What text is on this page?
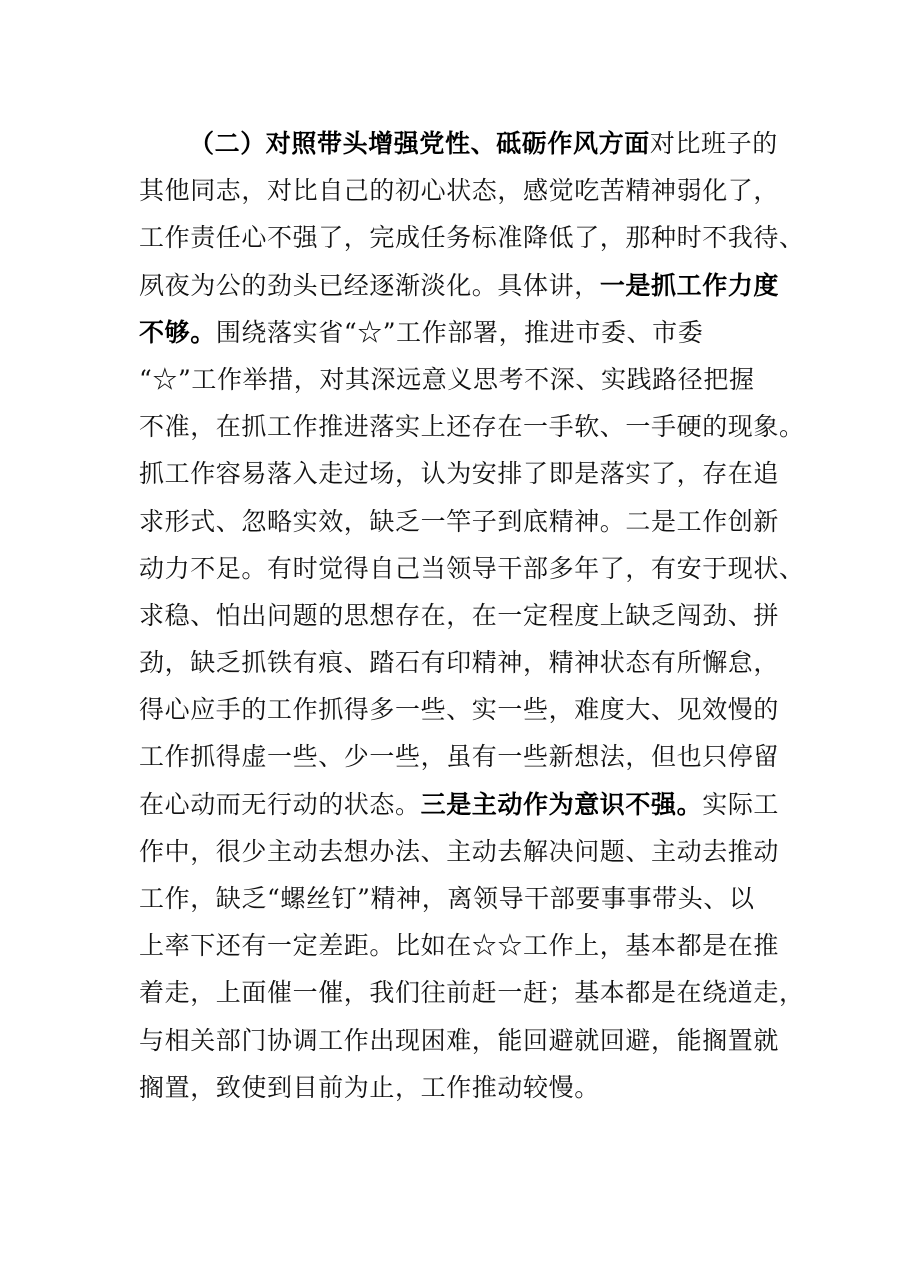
（二）对照带头增强党性、砥砺作风方面对比班子的
其他同志，对比自己的初心状态，感觉吃苦精神弱化了，
工作责任心不强了，完成任务标准降低了，那种时不我待、
夙夜为公的劲头已经逐渐淡化。具体讲，一是抓工作力度
不够。围绕落实省“☆”工作部署，推进市委、市委
“☆”工作举措，对其深远意义思考不深、实践路径把握
不准，在抓工作推进落实上还存在一手软、一手硬的现象。
抓工作容易落入走过场，认为安排了即是落实了，存在追
求形式、忽略实效，缺乏一竿子到底精神。二是工作创新
动力不足。有时觉得自己当领导干部多年了，有安于现状、
求稳、怕出问题的思想存在，在一定程度上缺乏闯劲、拼
劲，缺乏抓铁有痕、踏石有印精神，精神状态有所懈怠，
得心应手的工作抓得多一些、实一些，难度大、见效慢的
工作抓得虚一些、少一些，虽有一些新想法，但也只停留
在心动而无行动的状态。三是主动作为意识不强。实际工
作中，很少主动去想办法、主动去解决问题、主动去推动
工作，缺乏“螺丝钉”精神，离领导干部要事事带头、以
上率下还有一定差距。比如在☆☆工作上，基本都是在推
着走，上面催一催，我们往前赶一赶；基本都是在绕道走，
与相关部门协调工作出现困难，能回避就回避，能搁置就
搁置，致使到目前为止，工作推动较慢。
